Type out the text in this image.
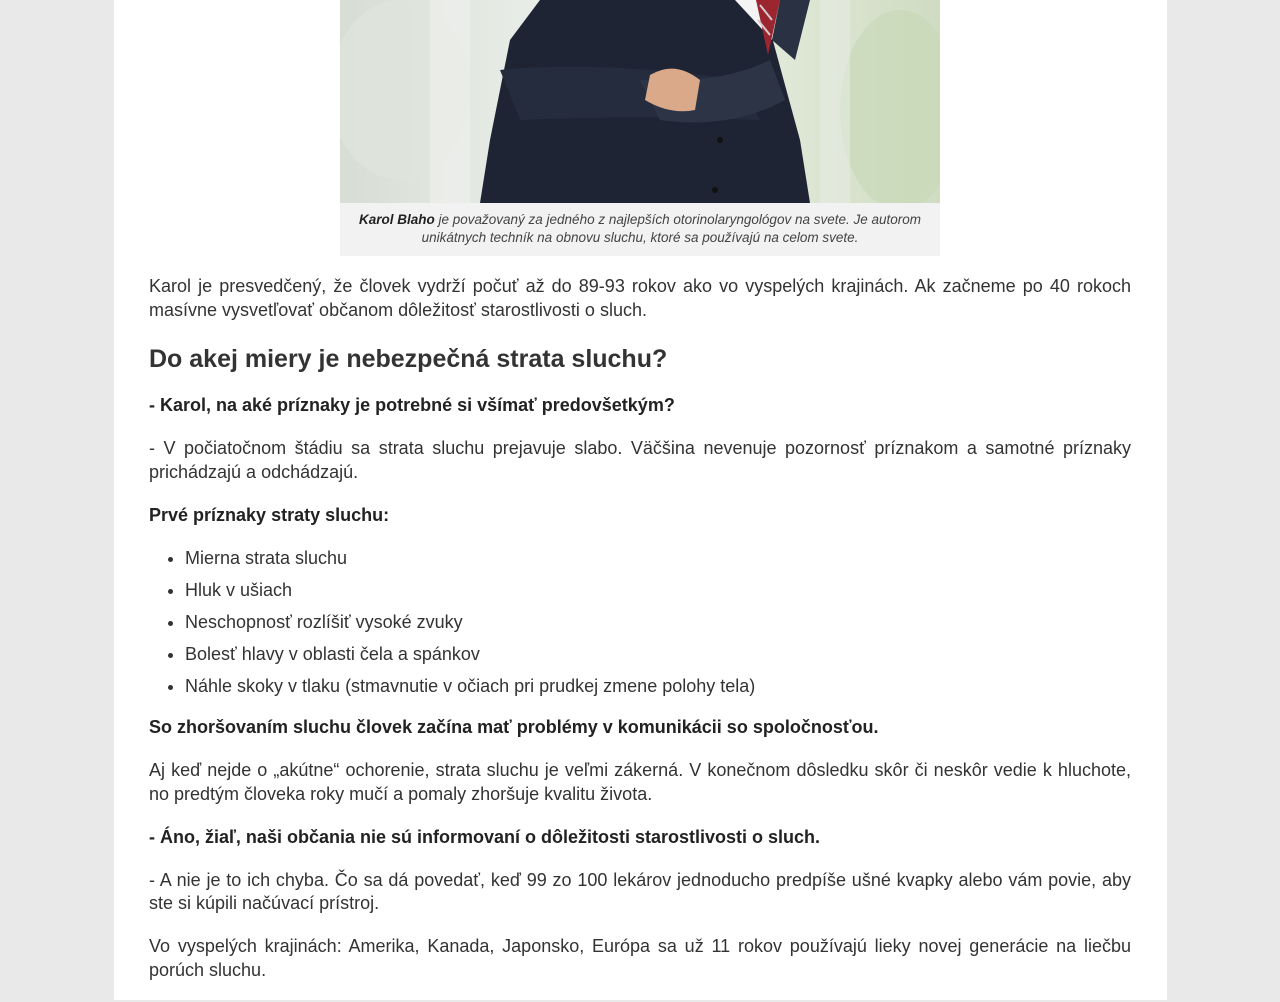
Karol Blaho je považovaný za jedného z najlepších otorinolaryngológov na svete. Je autorom unikátnych techník na obnovu sluchu, ktoré sa používajú na celom svete.

Karol je presvedčený, že človek vydrží počuť až do 89-93 rokov ako vo vyspelých krajinách. Ak začneme po 40 rokoch masívne vysvetľovať občanom dôležitosť starostlivosti o sluch.

Do akej miery je nebezpečná strata sluchu?

- Karol, na aké príznaky je potrebné si všímať predovšetkým?

- V počiatočnom štádiu sa strata sluchu prejavuje slabo. Väčšina nevenuje pozornosť príznakom a samotné príznaky prichádzajú a odchádzajú.

Prvé príznaky straty sluchu:

• Mierna strata sluchu
• Hluk v ušiach
• Neschopnosť rozlíšiť vysoké zvuky
• Bolesť hlavy v oblasti čela a spánkov
• Náhle skoky v tlaku (stmavnutie v očiach pri prudkej zmene polohy tela)

So zhoršovaním sluchu človek začína mať problémy v komunikácii so spoločnosťou.

Aj keď nejde o „akútne“ ochorenie, strata sluchu je veľmi zákerná. V konečnom dôsledku skôr či neskôr vedie k hluchote, no predtým človeka roky mučí a pomaly zhoršuje kvalitu života.

- Áno, žiaľ, naši občania nie sú informovaní o dôležitosti starostlivosti o sluch.

- A nie je to ich chyba. Čo sa dá povedať, keď 99 zo 100 lekárov jednoducho predpíše ušné kvapky alebo vám povie, aby ste si kúpili načúvací prístroj.

Vo vyspelých krajinách: Amerika, Kanada, Japonsko, Európa sa už 11 rokov používajú lieky novej generácie na liečbu porúch sluchu.
